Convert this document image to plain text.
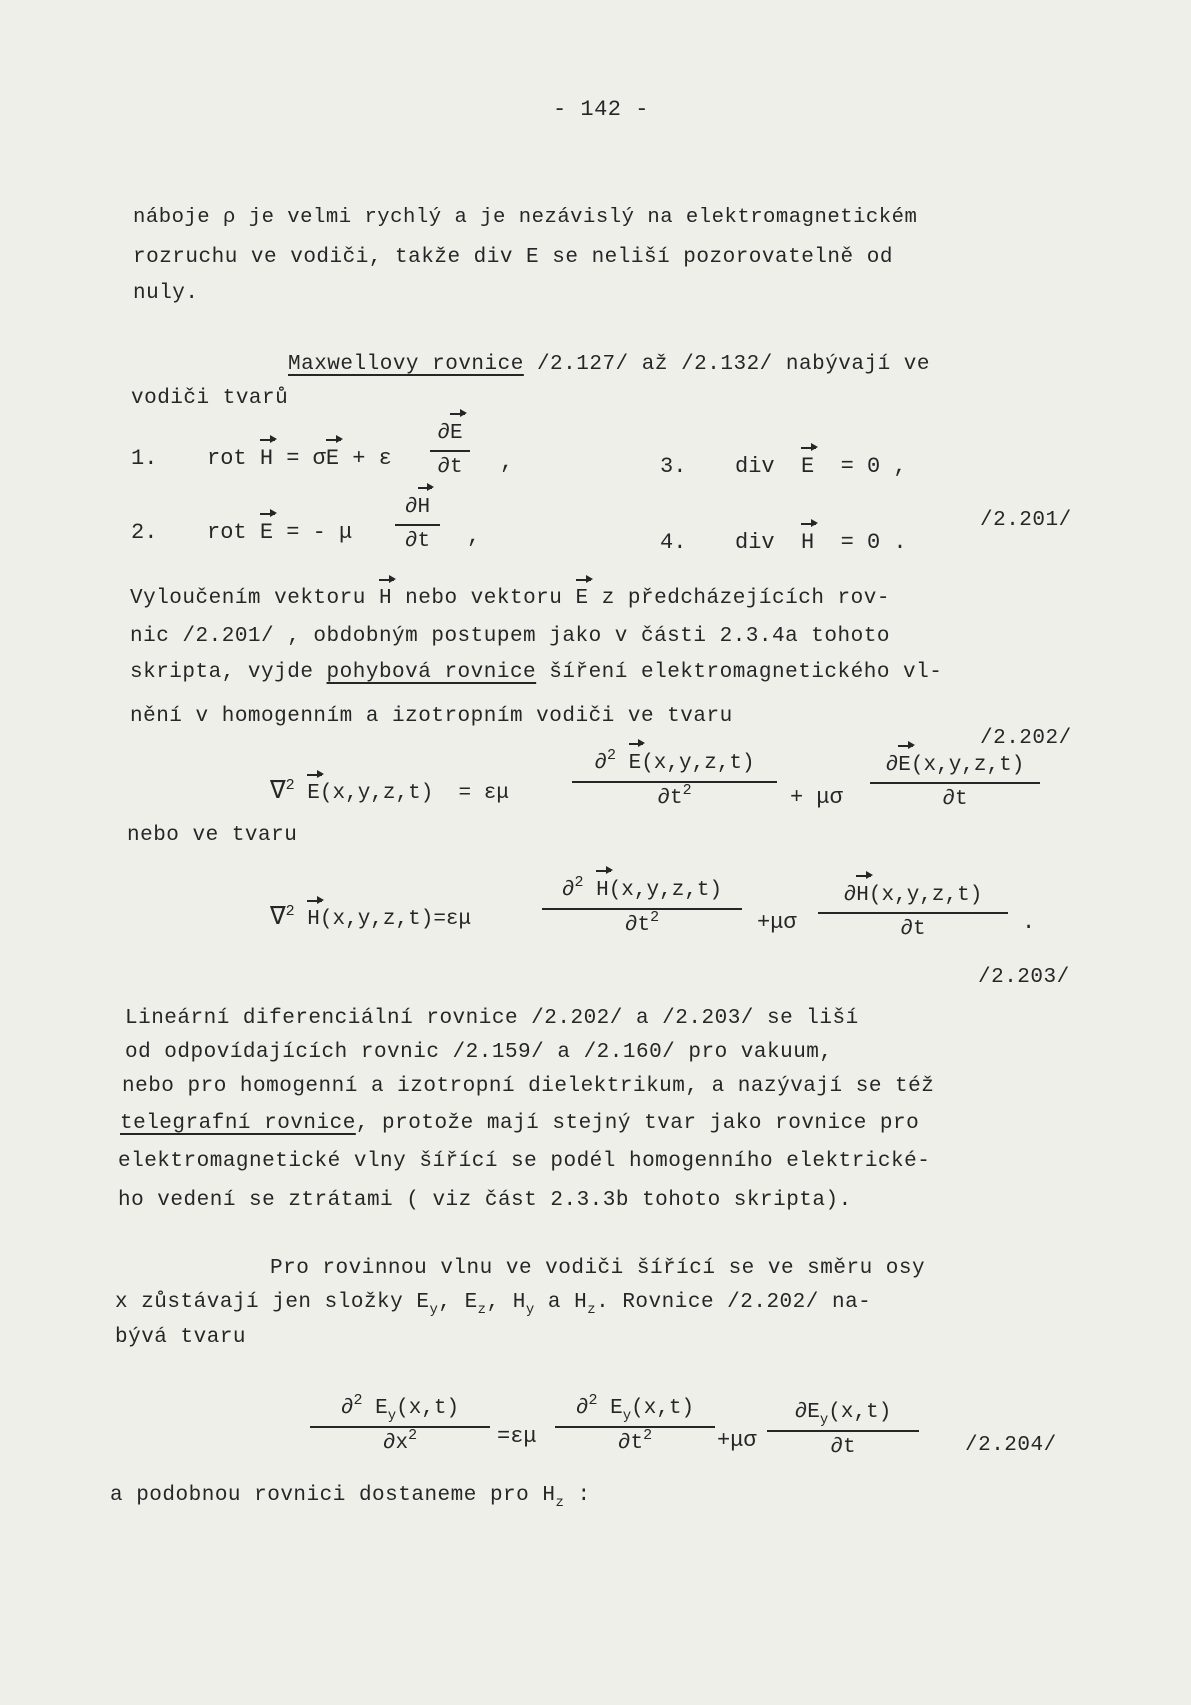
- 142 -
náboje ρ je velmi rychlý a je nezávislý na elektromagnetickém
rozruchu ve vodiči, takže div E se neliší pozorovatelně od
nuly.
Maxwellovy rovnice /2.127/ až /2.132/ nabývají ve
vodiči tvarů
1. rot H = σE + ε
∂E
∂t	,	3. div E = 0 ,
2. rot E = - μ
∂H
∂t	,	4. div H = 0 .
/2.201/
Vyloučením vektoru H nebo vektoru E z předcházejících rov-
nic /2.201/ , obdobným postupem jako v části 2.3.4a tohoto
skripta, vyjde pohybová rovnice šíření elektromagnetického vl-
nění v homogenním a izotropním vodiči ve tvaru
/2.202/
∇$^2$ E(x,y,z,t) = εμ
∂$^2$ E(x,y,z,t)
$\partial t^2$	+ μσ
∂E(x,y,z,t)
∂t
nebo ve tvaru
∇$^2$ H(x,y,z,t)=εμ
∂$^2$ H(x,y,z,t)
$\partial t^2$	+μσ
∂H(x,y,z,t)
∂t	.
/2.203/
Lineární diferenciální rovnice /2.202/ a /2.203/ se liší
od odpovídajících rovnic /2.159/ a /2.160/ pro vakuum,
nebo pro homogenní a izotropní dielektrikum, a nazývají se též
telegrafní rovnice, protože mají stejný tvar jako rovnice pro
elektromagnetické vlny šířící se podél homogenního elektrické-
ho vedení se ztrátami ( viz část 2.3.3b tohoto skripta).
Pro rovinnou vlnu ve vodiči šířící se ve směru osy
x zůstávají jen složky $E_y$, $E_z$, $H_y$ a $H_z$. Rovnice /2.202/ na-
bývá tvaru
∂$^2$ $E_y(x,t)$
$\partial x^2$	=εμ
∂$^2$ $E_y(x,t)$
$\partial t^2$	+μσ
$\partial E_y(x,t)$
∂t	/2.204/
a podobnou rovnici dostaneme pro $H_z$ :
